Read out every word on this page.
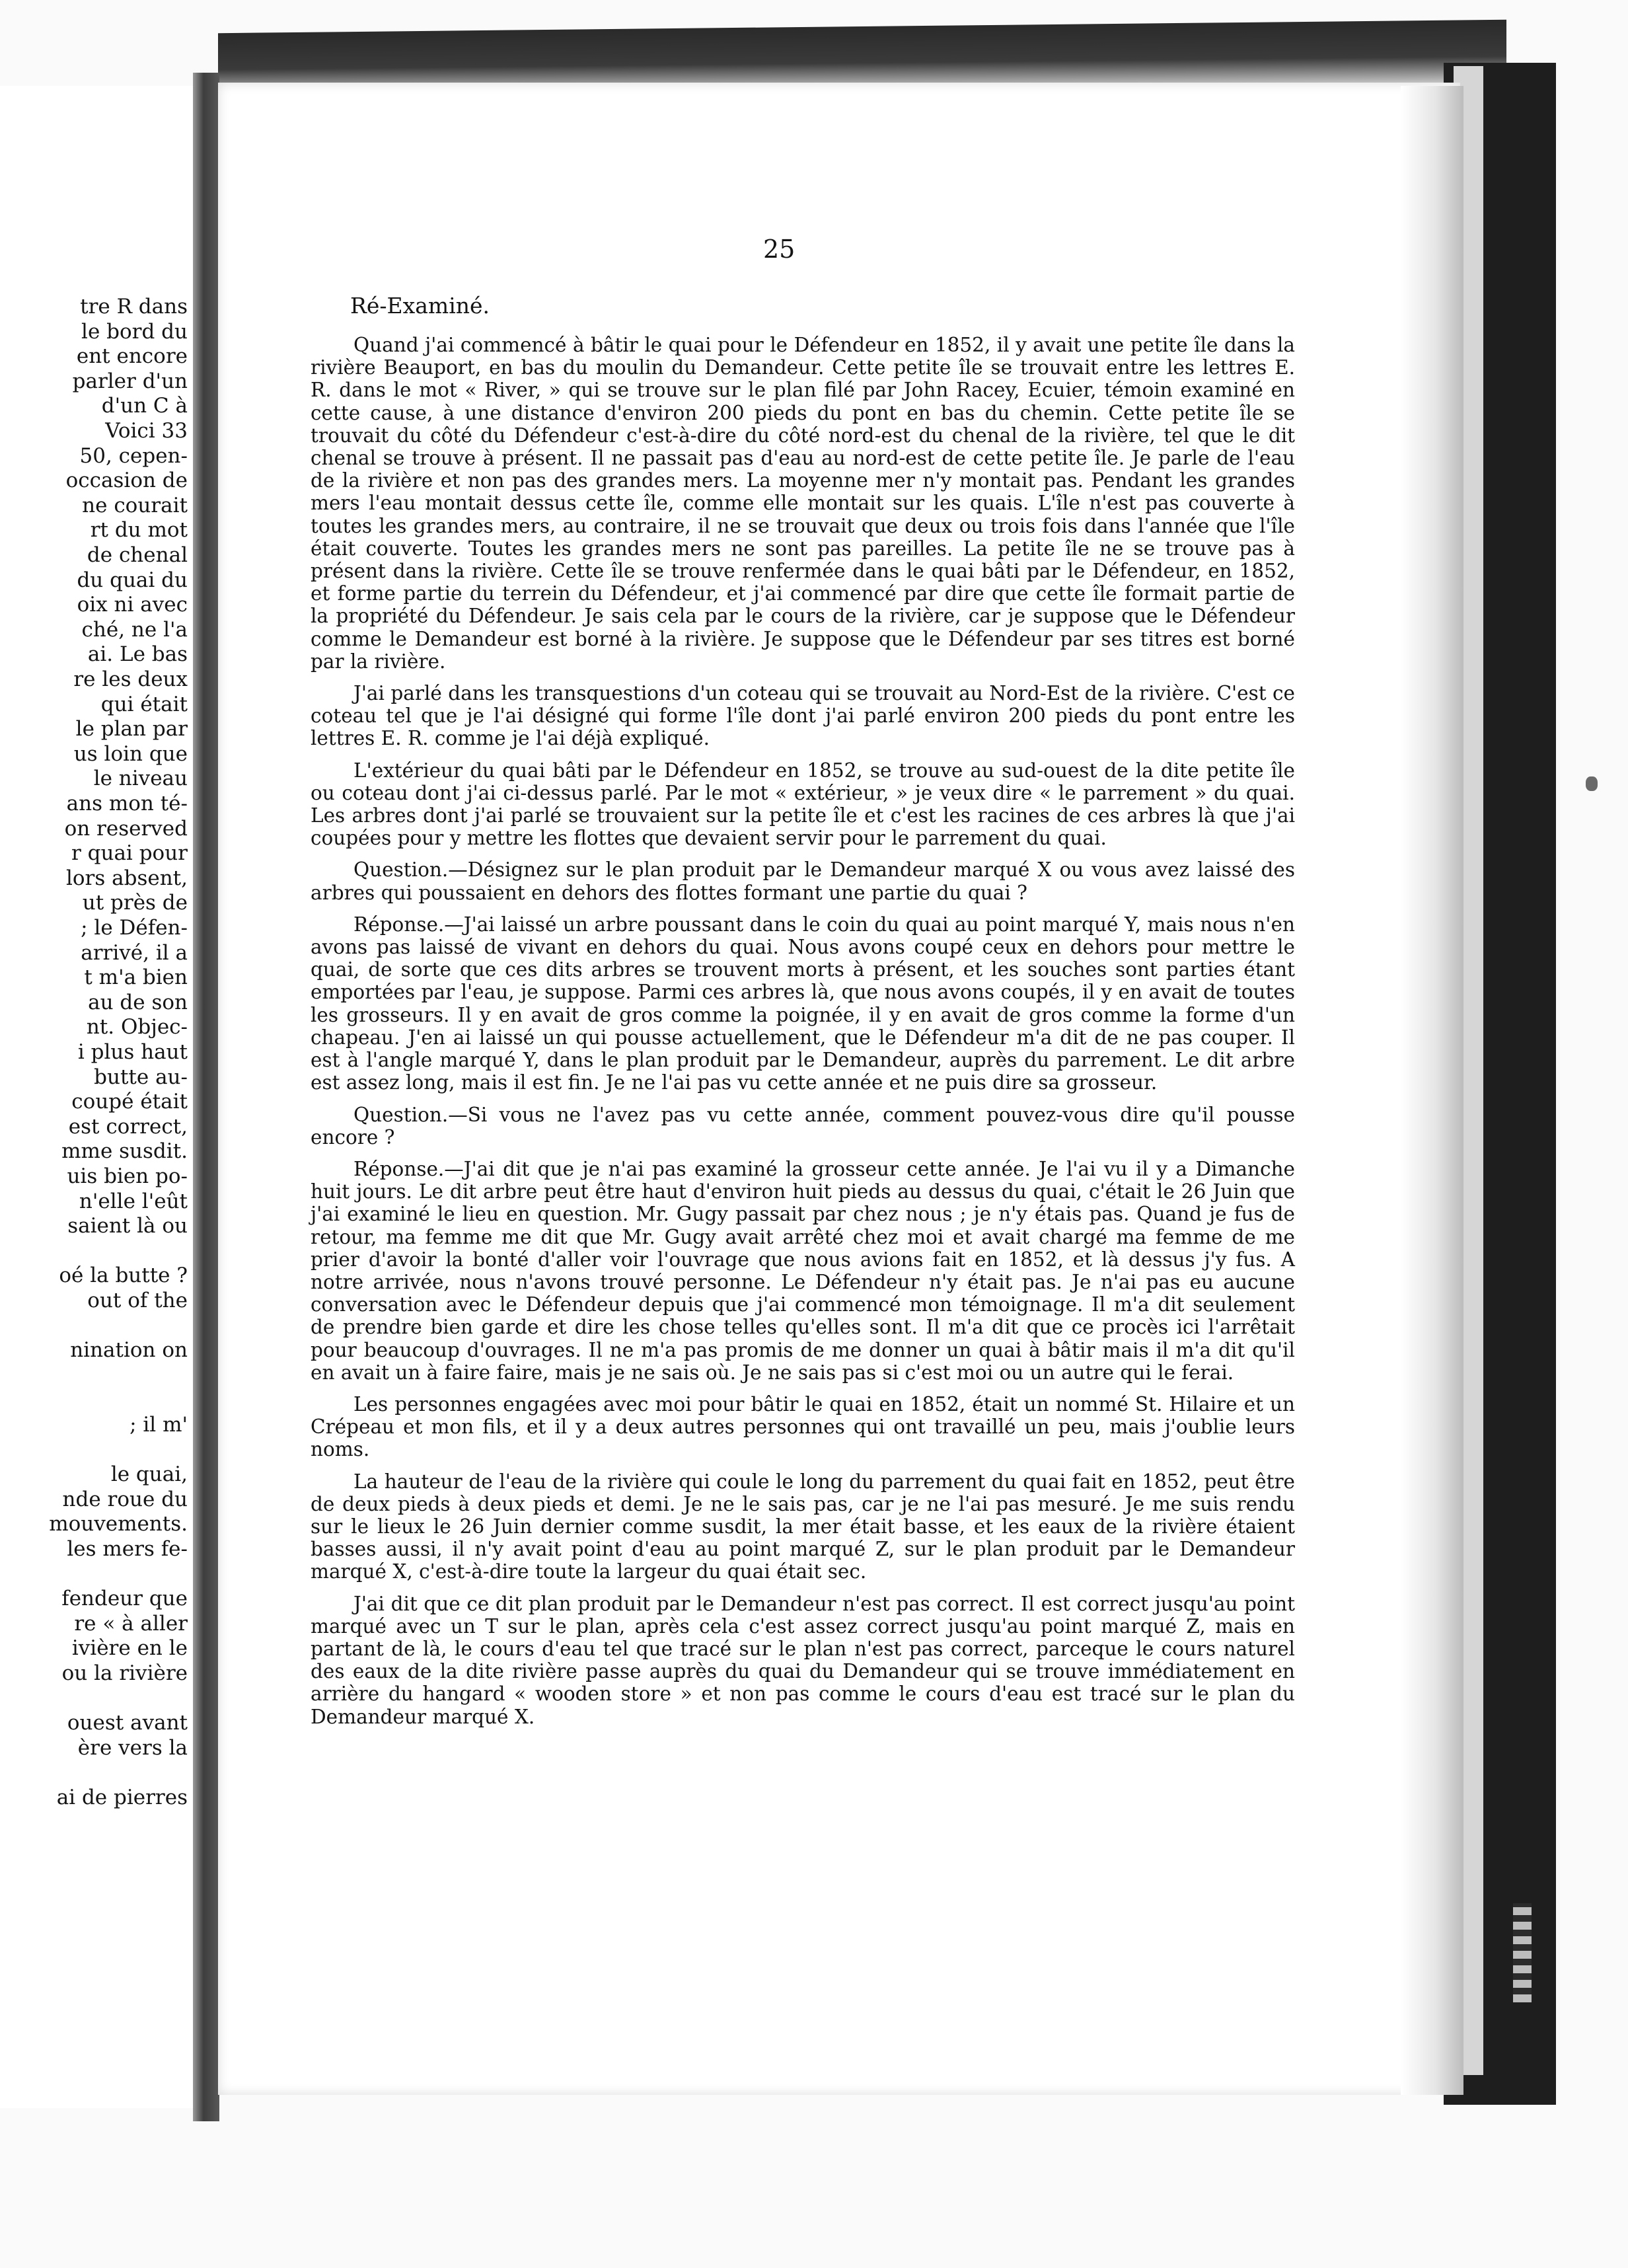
tre R dans
le bord du
ent encore
parler d'un
d'un C à
Voici 33
50, cepen-
occasion de
ne courait
rt du mot
de chenal
du quai du
oix ni avec
ché, ne l'a
ai. Le bas
re les deux
qui était
le plan par
us loin que
le niveau
ans mon té-
on reserved
r quai pour
lors absent,
ut près de
; le Défen-
arrivé, il a
t m'a bien
au de son
nt. Objec-
i plus haut
butte au-
coupé était
est correct,
mme susdit.
uis bien po-
n'elle l'eût
saient là ou
oé la butte ?
out of the
nination on
; il m'
le quai,
nde roue du
mouvements.
les mers fe-
fendeur que
re « à aller
ivière en le
ou la rivière
ouest avant
ère vers la
ai de pierres
25
Ré-Examiné.

Quand j'ai commencé à bâtir le quai pour le Défendeur en 1852, il y avait une petite île dans la rivière Beauport, en bas du moulin du Demandeur. Cette petite île se trouvait entre les lettres E. R. dans le mot « River, » qui se trouve sur le plan filé par John Racey, Ecuier, témoin examiné en cette cause, à une distance d'environ 200 pieds du pont en bas du chemin. Cette petite île se trouvait du côté du Défendeur c'est-à-dire du côté nord-est du chenal de la rivière, tel que le dit chenal se trouve à présent. Il ne passait pas d'eau au nord-est de cette petite île. Je parle de l'eau de la rivière et non pas des grandes mers. La moyenne mer n'y montait pas. Pendant les grandes mers l'eau montait dessus cette île, comme elle montait sur les quais. L'île n'est pas couverte à toutes les grandes mers, au contraire, il ne se trouvait que deux ou trois fois dans l'année que l'île était couverte. Toutes les grandes mers ne sont pas pareilles. La petite île ne se trouve pas à présent dans la rivière. Cette île se trouve renfermée dans le quai bâti par le Défendeur, en 1852, et forme partie du terrein du Défendeur, et j'ai commencé par dire que cette île formait partie de la propriété du Défendeur. Je sais cela par le cours de la rivière, car je suppose que le Défendeur comme le Demandeur est borné à la rivière. Je suppose que le Défendeur par ses titres est borné par la rivière.

J'ai parlé dans les transquestions d'un coteau qui se trouvait au Nord-Est de la rivière. C'est ce coteau tel que je l'ai désigné qui forme l'île dont j'ai parlé environ 200 pieds du pont entre les lettres E. R. comme je l'ai déjà expliqué.

L'extérieur du quai bâti par le Défendeur en 1852, se trouve au sud-ouest de la dite petite île ou coteau dont j'ai ci-dessus parlé. Par le mot « extérieur, » je veux dire « le parrement » du quai. Les arbres dont j'ai parlé se trouvaient sur la petite île et c'est les racines de ces arbres là que j'ai coupées pour y mettre les flottes que devaient servir pour le parrement du quai.

Question.—Désignez sur le plan produit par le Demandeur marqué X ou vous avez laissé des arbres qui poussaient en dehors des flottes formant une partie du quai ?

Réponse.—J'ai laissé un arbre poussant dans le coin du quai au point marqué Y, mais nous n'en avons pas laissé de vivant en dehors du quai. Nous avons coupé ceux en dehors pour mettre le quai, de sorte que ces dits arbres se trouvent morts à présent, et les souches sont parties étant emportées par l'eau, je suppose. Parmi ces arbres là, que nous avons coupés, il y en avait de toutes les grosseurs. Il y en avait de gros comme la poignée, il y en avait de gros comme la forme d'un chapeau. J'en ai laissé un qui pousse actuellement, que le Défendeur m'a dit de ne pas couper. Il est à l'angle marqué Y, dans le plan produit par le Demandeur, auprès du parrement. Le dit arbre est assez long, mais il est fin. Je ne l'ai pas vu cette année et ne puis dire sa grosseur.

Question.—Si vous ne l'avez pas vu cette année, comment pouvez-vous dire qu'il pousse encore ?

Réponse.—J'ai dit que je n'ai pas examiné la grosseur cette année. Je l'ai vu il y a Dimanche huit jours. Le dit arbre peut être haut d'environ huit pieds au dessus du quai, c'était le 26 Juin que j'ai examiné le lieu en question. Mr. Gugy passait par chez nous ; je n'y étais pas. Quand je fus de retour, ma femme me dit que Mr. Gugy avait arrêté chez moi et avait chargé ma femme de me prier d'avoir la bonté d'aller voir l'ouvrage que nous avions fait en 1852, et là dessus j'y fus. A notre arrivée, nous n'avons trouvé personne. Le Défendeur n'y était pas. Je n'ai pas eu aucune conversation avec le Défendeur depuis que j'ai commencé mon témoignage. Il m'a dit seulement de prendre bien garde et dire les chose telles qu'elles sont. Il m'a dit que ce procès ici l'arrêtait pour beaucoup d'ouvrages. Il ne m'a pas promis de me donner un quai à bâtir mais il m'a dit qu'il en avait un à faire faire, mais je ne sais où. Je ne sais pas si c'est moi ou un autre qui le ferai.

Les personnes engagées avec moi pour bâtir le quai en 1852, était un nommé St. Hilaire et un Crépeau et mon fils, et il y a deux autres personnes qui ont travaillé un peu, mais j'oublie leurs noms.

La hauteur de l'eau de la rivière qui coule le long du parrement du quai fait en 1852, peut être de deux pieds à deux pieds et demi. Je ne le sais pas, car je ne l'ai pas mesuré. Je me suis rendu sur le lieux le 26 Juin dernier comme susdit, la mer était basse, et les eaux de la rivière étaient basses aussi, il n'y avait point d'eau au point marqué Z, sur le plan produit par le Demandeur marqué X, c'est-à-dire toute la largeur du quai était sec.

J'ai dit que ce dit plan produit par le Demandeur n'est pas correct. Il est correct jusqu'au point marqué avec un T sur le plan, après cela c'est assez correct jusqu'au point marqué Z, mais en partant de là, le cours d'eau tel que tracé sur le plan n'est pas correct, parceque le cours naturel des eaux de la dite rivière passe auprès du quai du Demandeur qui se trouve immédiatement en arrière du hangard « wooden store » et non pas comme le cours d'eau est tracé sur le plan du Demandeur marqué X.
